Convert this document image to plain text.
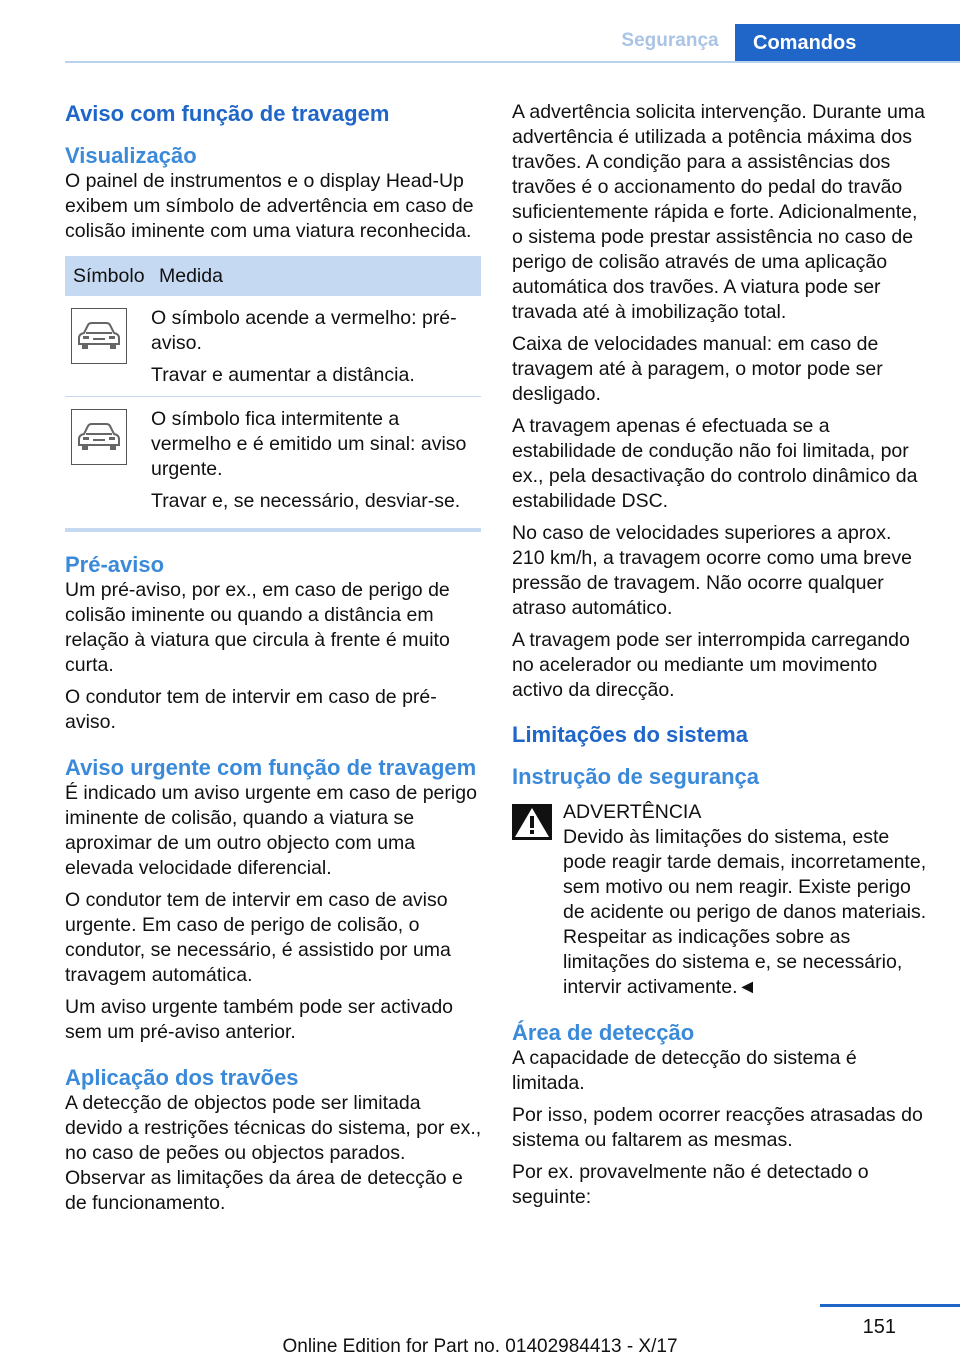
Segurança	Comandos
Aviso com função de travagem
Visualização

O painel de instrumentos e o display Head-Up exibem um símbolo de advertência em caso de colisão iminente com uma viatura reconhecida.

Símbolo	Medida

O símbolo acende a vermelho: pré-aviso.
Travar e aumentar a distância.

O símbolo fica intermitente a vermelho e é emitido um sinal: aviso urgente.
Travar e, se necessário, desviar-se.
Pré-aviso

Um pré-aviso, por ex., em caso de perigo de colisão iminente ou quando a distância em relação à viatura que circula à frente é muito curta.

O condutor tem de intervir em caso de pré-aviso.

Aviso urgente com função de travagem

É indicado um aviso urgente em caso de perigo iminente de colisão, quando a viatura se aproximar de um outro objecto com uma elevada velocidade diferencial.

O condutor tem de intervir em caso de aviso urgente. Em caso de perigo de colisão, o condutor, se necessário, é assistido por uma travagem automática.

Um aviso urgente também pode ser activado sem um pré-aviso anterior.

Aplicação dos travões

A detecção de objectos pode ser limitada devido a restrições técnicas do sistema, por ex., no caso de peões ou objectos parados. Observar as limitações da área de detecção e de funcionamento.

A advertência solicita intervenção. Durante uma advertência é utilizada a potência máxima dos travões. A condição para a assistências dos travões é o accionamento do pedal do travão suficientemente rápida e forte. Adicionalmente, o sistema pode prestar assistência no caso de perigo de colisão através de uma aplicação automática dos travões. A viatura pode ser travada até à imobilização total.

Caixa de velocidades manual: em caso de travagem até à paragem, o motor pode ser desligado.

A travagem apenas é efectuada se a estabilidade de condução não foi limitada, por ex., pela desactivação do controlo dinâmico da estabilidade DSC.

No caso de velocidades superiores a aprox. 210 km/h, a travagem ocorre como uma breve pressão de travagem. Não ocorre qualquer atraso automático.

A travagem pode ser interrompida carregando no acelerador ou mediante um movimento activo da direcção.

Limitações do sistema
Instrução de segurança
ADVERTÊNCIA
Devido às limitações do sistema, este pode reagir tarde demais, incorretamente, sem motivo ou nem reagir. Existe perigo de acidente ou perigo de danos materiais. Respeitar as indicações sobre as limitações do sistema e, se necessário, intervir activamente.◄
Área de detecção

A capacidade de detecção do sistema é limitada.

Por isso, podem ocorrer reacções atrasadas do sistema ou faltarem as mesmas.

Por ex. provavelmente não é detectado o seguinte:

151
Online Edition for Part no. 01402984413 - X/17
